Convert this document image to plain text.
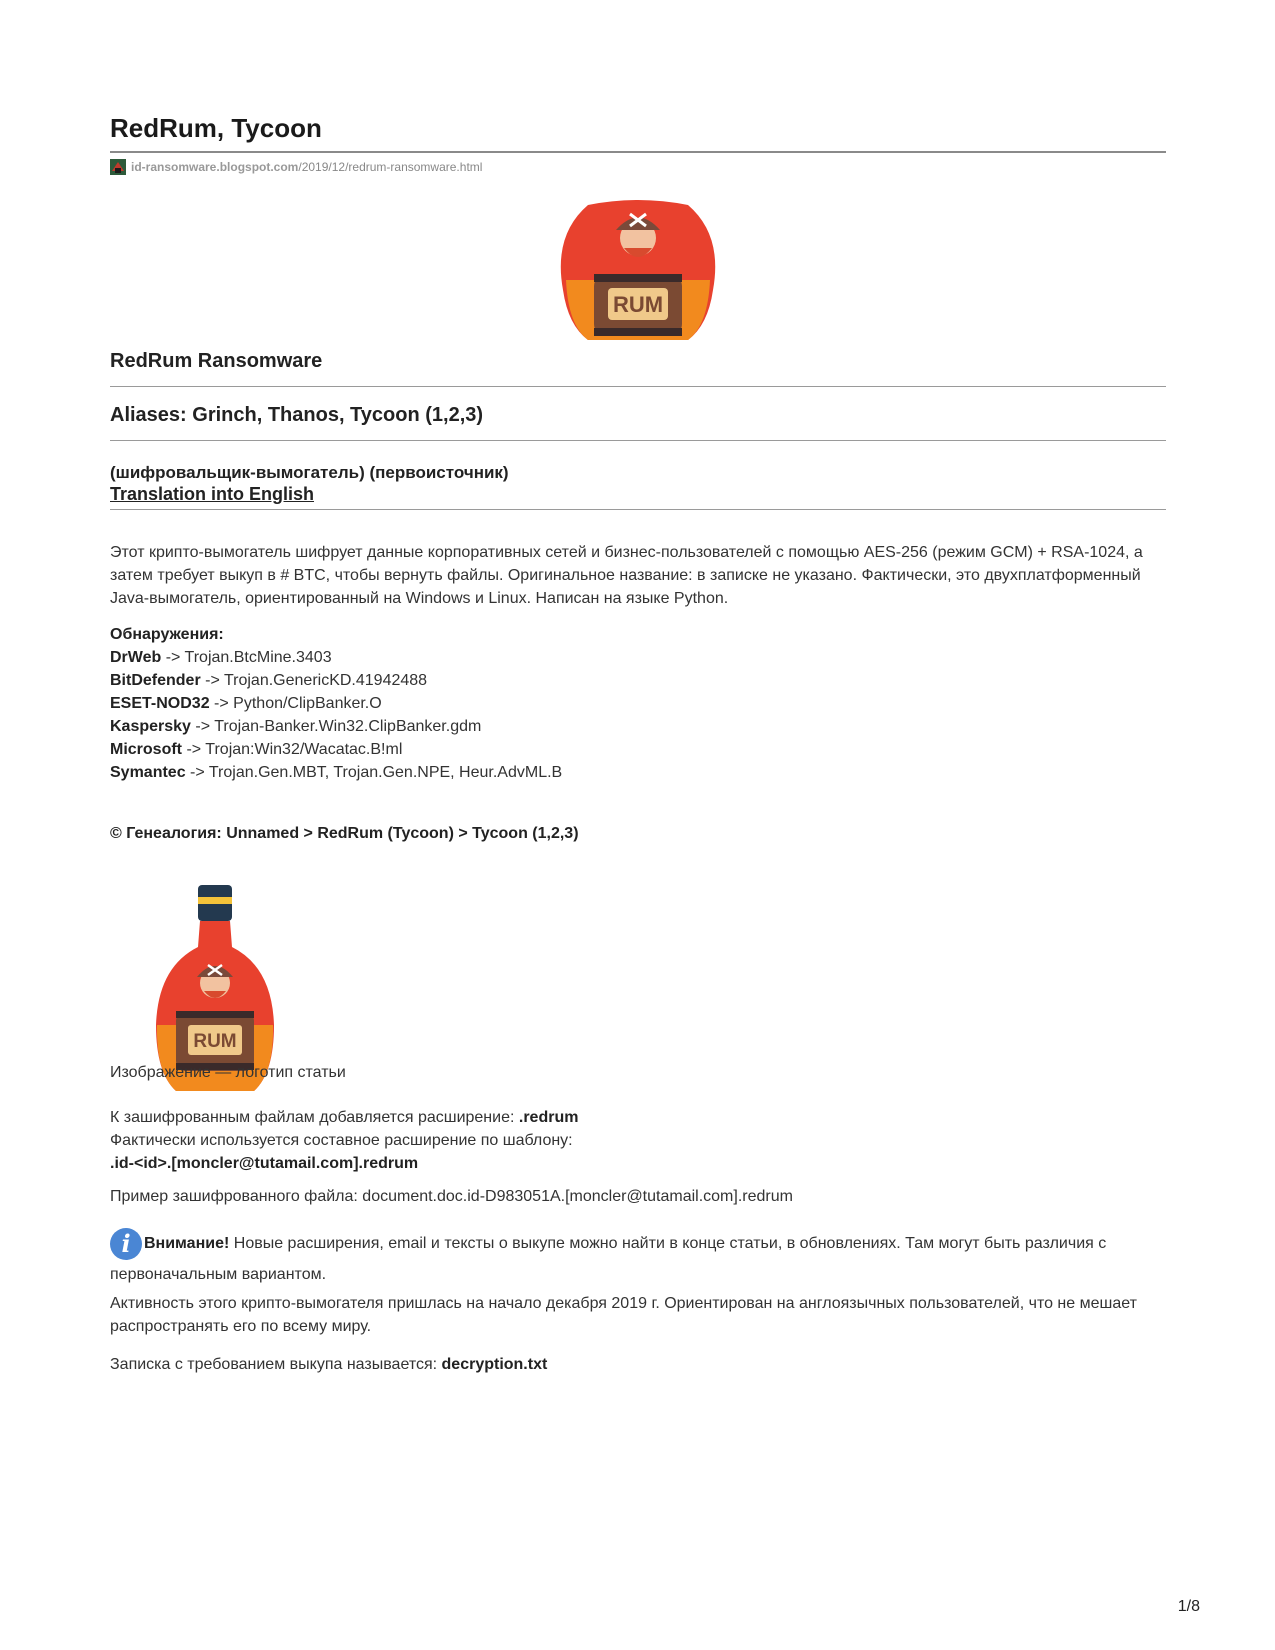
RedRum, Tycoon
id-ransomware.blogspot.com/2019/12/redrum-ransomware.html
RUM
RedRum Ransomware
Aliases: Grinch, Thanos, Tycoon (1,2,3)
(шифровальщик-вымогатель) (первоисточник)
Translation into English

Этот крипто-вымогатель шифрует данные корпоративных сетей и бизнес-пользователей с помощью AES-256 (режим GCM) + RSA-1024, а затем требует выкуп в # BTC, чтобы вернуть файлы. Оригинальное название: в записке не указано. Фактически, это двухплатформенный Java-вымогатель, ориентированный на Windows и Linux. Написан на языке Python.

Обнаружения:
DrWeb -> Trojan.BtcMine.3403
BitDefender -> Trojan.GenericKD.41942488
ESET-NOD32 -> Python/ClipBanker.O
Kaspersky -> Trojan-Banker.Win32.ClipBanker.gdm
Microsoft -> Trojan:Win32/Wacatac.B!ml
Symantec -> Trojan.Gen.MBT, Trojan.Gen.NPE, Heur.AdvML.B
© Генеалогия: Unnamed > RedRum (Tycoon) > Tycoon (1,2,3)
RUM
Изображение — логотип статьи
К зашифрованным файлам добавляется расширение: .redrum
Фактически используется составное расширение по шаблону:
.id-<id>.[moncler@tutamail.com].redrum
Пример зашифрованного файла: document.doc.id-D983051A.[moncler@tutamail.com].redrum

i Внимание! Новые расширения, email и тексты о выкупе можно найти в конце статьи, в обновлениях. Там могут быть различия с первоначальным вариантом.

Активность этого крипто-вымогателя пришлась на начало декабря 2019 г. Ориентирован на англоязычных пользователей, что не мешает распространять его по всему миру.

Записка с требованием выкупа называется: decryption.txt
1/8
